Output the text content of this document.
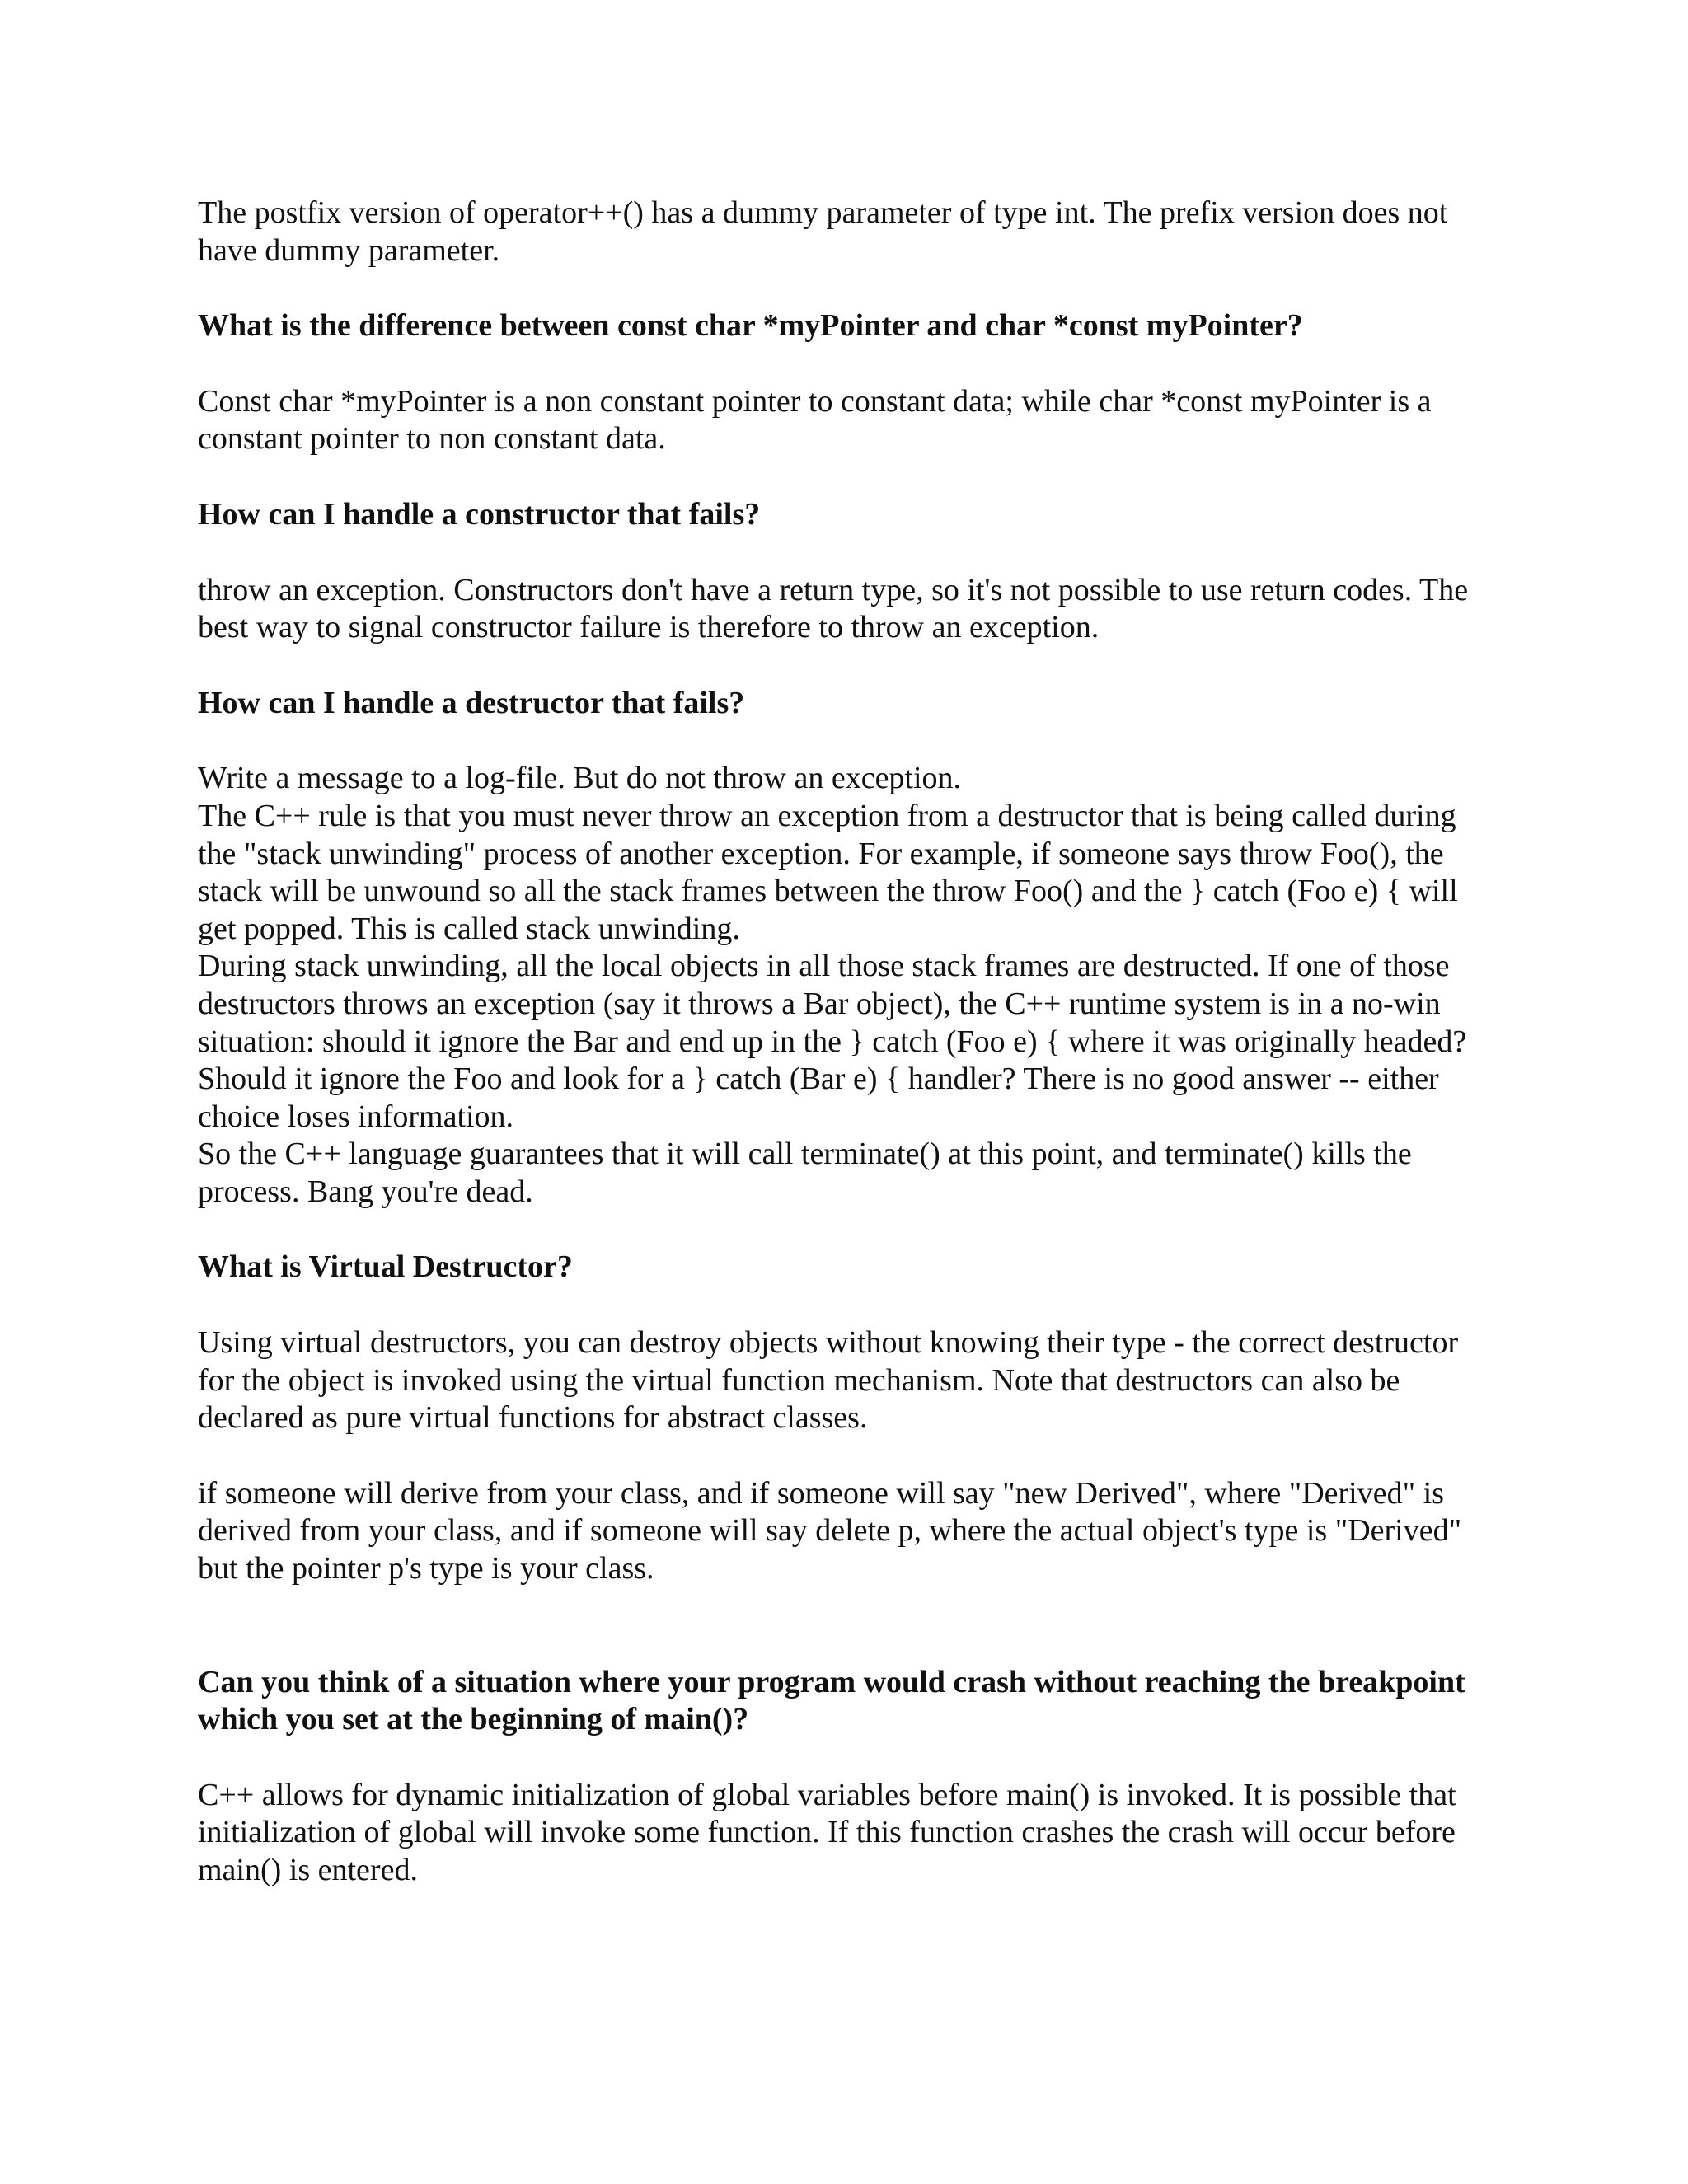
The postfix version of operator++() has a dummy parameter of type int. The prefix version does not have dummy parameter.

What is the difference between const char *myPointer and char *const myPointer?

Const char *myPointer is a non constant pointer to constant data; while char *const myPointer is a constant pointer to non constant data.

How can I handle a constructor that fails?

throw an exception. Constructors don't have a return type, so it's not possible to use return codes. The best way to signal constructor failure is therefore to throw an exception.

How can I handle a destructor that fails?

Write a message to a log-file. But do not throw an exception.

The C++ rule is that you must never throw an exception from a destructor that is being called during the "stack unwinding" process of another exception. For example, if someone says throw Foo(), the stack will be unwound so all the stack frames between the throw Foo() and the } catch (Foo e) { will get popped. This is called stack unwinding.

During stack unwinding, all the local objects in all those stack frames are destructed. If one of those destructors throws an exception (say it throws a Bar object), the C++ runtime system is in a no-win situation: should it ignore the Bar and end up in the } catch (Foo e) { where it was originally headed? Should it ignore the Foo and look for a } catch (Bar e) { handler? There is no good answer -- either choice loses information.

So the C++ language guarantees that it will call terminate() at this point, and terminate() kills the process. Bang you're dead.

What is Virtual Destructor?

Using virtual destructors, you can destroy objects without knowing their type - the correct destructor for the object is invoked using the virtual function mechanism. Note that destructors can also be declared as pure virtual functions for abstract classes.

if someone will derive from your class, and if someone will say "new Derived", where "Derived" is derived from your class, and if someone will say delete p, where the actual object's type is "Derived" but the pointer p's type is your class.

Can you think of a situation where your program would crash without reaching the breakpoint which you set at the beginning of main()?

C++ allows for dynamic initialization of global variables before main() is invoked. It is possible that initialization of global will invoke some function. If this function crashes the crash will occur before main() is entered.
